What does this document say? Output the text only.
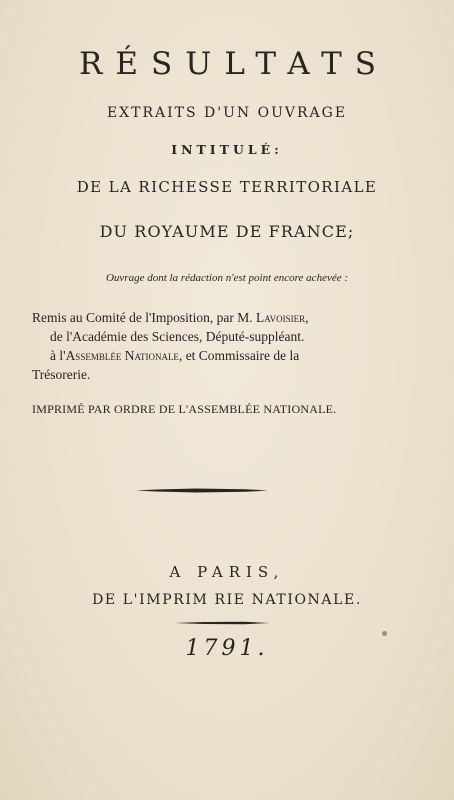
RÉSULTATS
EXTRAITS D'UN OUVRAGE
INTITULÉ:
DE LA RICHESSE TERRITORIALE
DU ROYAUME DE FRANCE;
Ouvrage dont la rédaction n'est point encore achevée :
Remis au Comité de l'Imposition, par M. Lavoisier,
de l'Académie des Sciences, Député-suppléant.
à l'Assemblée Nationale, et Commissaire de la
Trésorerie.
IMPRIMÉ PAR ORDRE DE L'ASSEMBLÉE NATIONALE.
A PARIS,
DE L'IMPRIM RIE NATIONALE.
1791.
